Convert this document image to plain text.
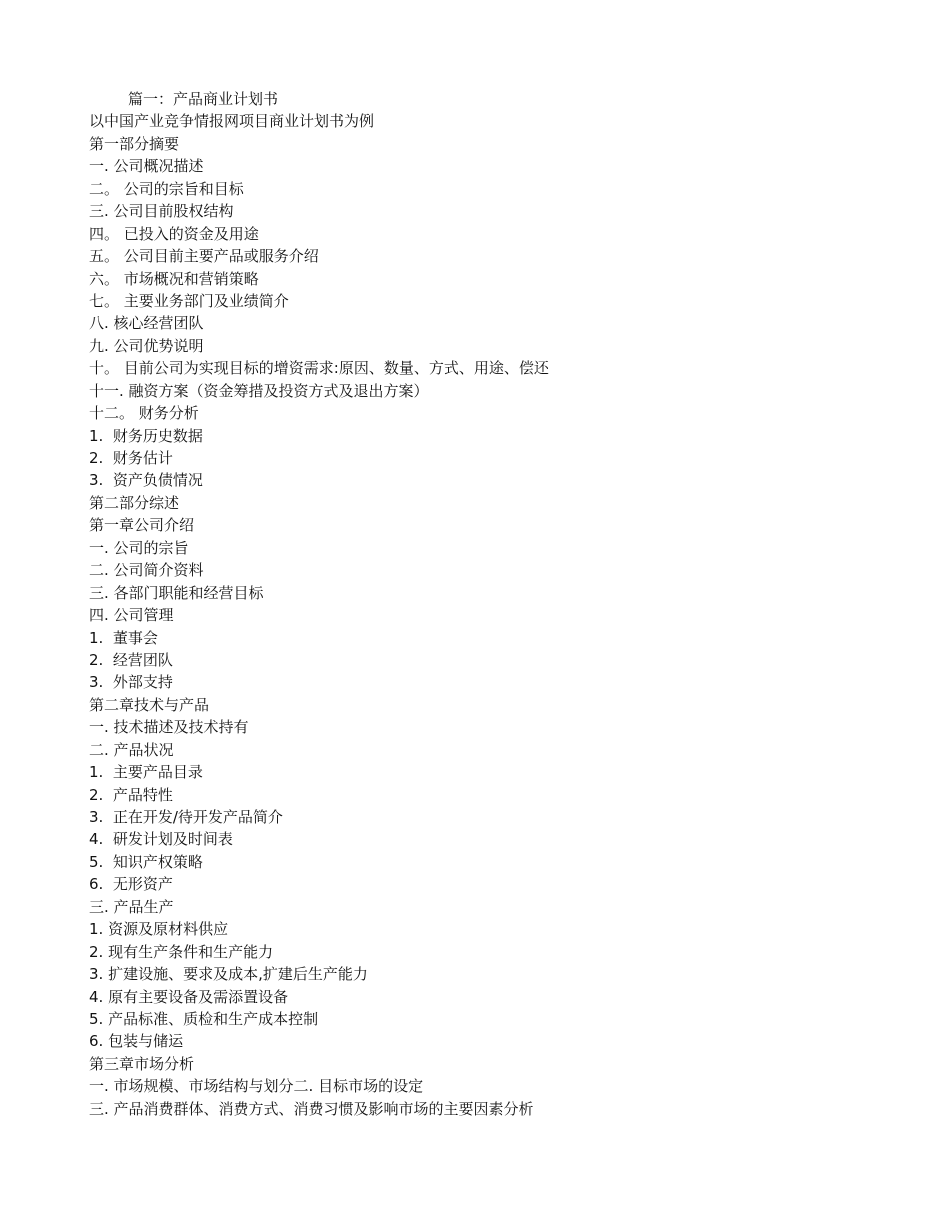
篇一：产品商业计划书
以中国产业竞争情报网项目商业计划书为例
第一部分摘要
一. 公司概况描述
二。 公司的宗旨和目标
三. 公司目前股权结构
四。 已投入的资金及用途
五。 公司目前主要产品或服务介绍
六。 市场概况和营销策略
七。 主要业务部门及业绩简介
八. 核心经营团队
九. 公司优势说明
十。 目前公司为实现目标的增资需求:原因、数量、方式、用途、偿还
十一. 融资方案（资金筹措及投资方式及退出方案）
十二。 财务分析
1.  财务历史数据
2.  财务估计
3.  资产负债情况
第二部分综述
第一章公司介绍
一. 公司的宗旨
二. 公司简介资料
三. 各部门职能和经营目标
四. 公司管理
1.  董事会
2.  经营团队
3.  外部支持
第二章技术与产品
一. 技术描述及技术持有
二. 产品状况
1.  主要产品目录
2.  产品特性
3.  正在开发/待开发产品简介
4.  研发计划及时间表
5.  知识产权策略
6.  无形资产
三. 产品生产
1. 资源及原材料供应
2. 现有生产条件和生产能力
3. 扩建设施、要求及成本,扩建后生产能力
4. 原有主要设备及需添置设备
5. 产品标准、质检和生产成本控制
6. 包装与储运
第三章市场分析
一. 市场规模、市场结构与划分二. 目标市场的设定
三. 产品消费群体、消费方式、消费习惯及影响市场的主要因素分析
